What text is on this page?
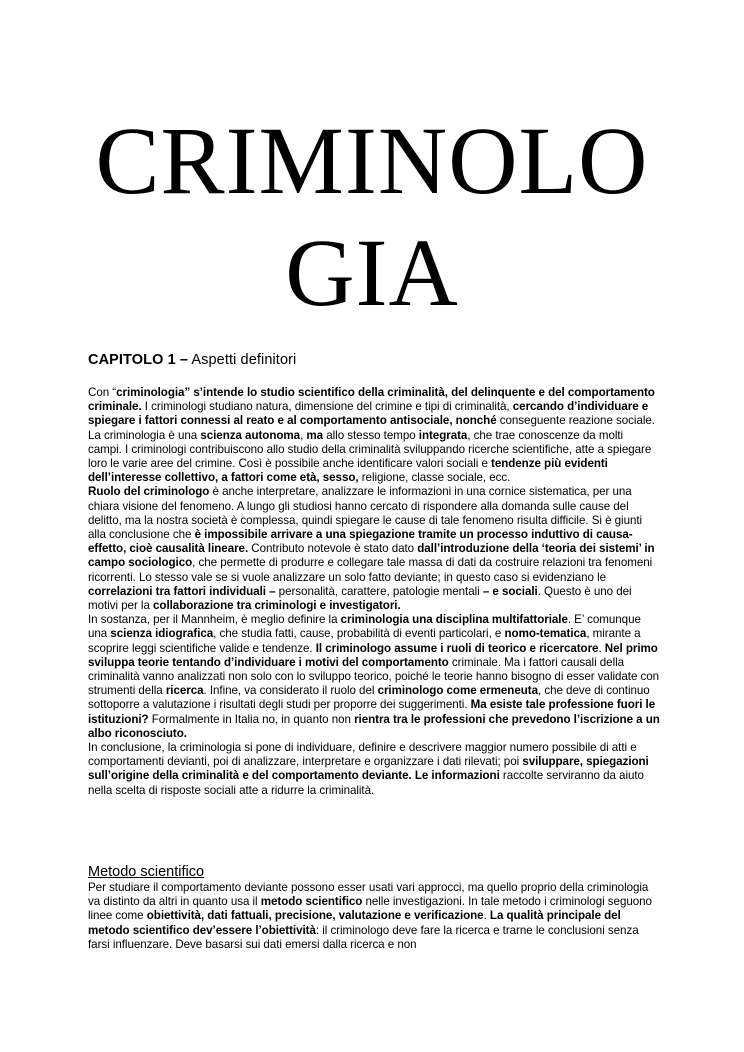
CRIMINOLO
GIA
CAPITOLO 1 – Aspetti definitori

Con “criminologia” s’intende lo studio scientifico della criminalità, del delinquente e del comportamento criminale. I criminologi studiano natura, dimensione del crimine e tipi di criminalità, cercando d’individuare e spiegare i fattori connessi al reato e al comportamento antisociale, nonché conseguente reazione sociale. La criminologia è una scienza autonoma, ma allo stesso tempo integrata, che trae conoscenze da molti campi. I criminologi contribuiscono allo studio della criminalità sviluppando ricerche scientifiche, atte a spiegare loro le varie aree del crimine. Così è possibile anche identificare valori sociali e tendenze più evidenti dell’interesse collettivo, a fattori come età, sesso, religione, classe sociale, ecc.

Ruolo del criminologo è anche interpretare, analizzare le informazioni in una cornice sistematica, per una chiara visione del fenomeno. A lungo gli studiosi hanno cercato di rispondere alla domanda sulle cause del delitto, ma la nostra società è complessa, quindi spiegare le cause di tale fenomeno risulta difficile. Si è giunti alla conclusione che è impossibile arrivare a una spiegazione tramite un processo induttivo di causa-effetto, cioè causalità lineare. Contributo notevole è stato dato dall’introduzione della ‘teoria dei sistemi’ in campo sociologico, che permette di produrre e collegare tale massa di dati da costruire relazioni tra fenomeni ricorrenti. Lo stesso vale se si vuole analizzare un solo fatto deviante; in questo caso si evidenziano le correlazioni tra fattori individuali – personalità, carattere, patologie mentali – e sociali. Questo è uno dei motivi per la collaborazione tra criminologi e investigatori.

In sostanza, per il Mannheim, è meglio definire la criminologia una disciplina multifattoriale. E’ comunque una scienza idiografica, che studia fatti, cause, probabilità di eventi particolari, e nomo-tematica, mirante a scoprire leggi scientifiche valide e tendenze. Il criminologo assume i ruoli di teorico e ricercatore. Nel primo sviluppa teorie tentando d’individuare i motivi del comportamento criminale. Ma i fattori causali della criminalità vanno analizzati non solo con lo sviluppo teorico, poiché le teorie hanno bisogno di esser validate con strumenti della ricerca. Infine, va considerato il ruolo del criminologo come ermeneuta, che deve di continuo sottoporre a valutazione i risultati degli studi per proporre dei suggerimenti. Ma esiste tale professione fuori le istituzioni? Formalmente in Italia no, in quanto non rientra tra le professioni che prevedono l’iscrizione a un albo riconosciuto.

In conclusione, la criminologia si pone di individuare, definire e descrivere maggior numero possibile di atti e comportamenti devianti, poi di analizzare, interpretare e organizzare i dati rilevati; poi sviluppare, spiegazioni sull’origine della criminalità e del comportamento deviante. Le informazioni raccolte serviranno da aiuto nella scelta di risposte sociali atte a ridurre la criminalità.

Metodo scientifico

Per studiare il comportamento deviante possono esser usati vari approcci, ma quello proprio della criminologia va distinto da altri in quanto usa il metodo scientifico nelle investigazioni. In tale metodo i criminologi seguono linee come obiettività, dati fattuali, precisione, valutazione e verificazione. La qualità principale del metodo scientifico dev’essere l’obiettività: il criminologo deve fare la ricerca e trarne le conclusioni senza farsi influenzare. Deve basarsi sui dati emersi dalla ricerca e non
